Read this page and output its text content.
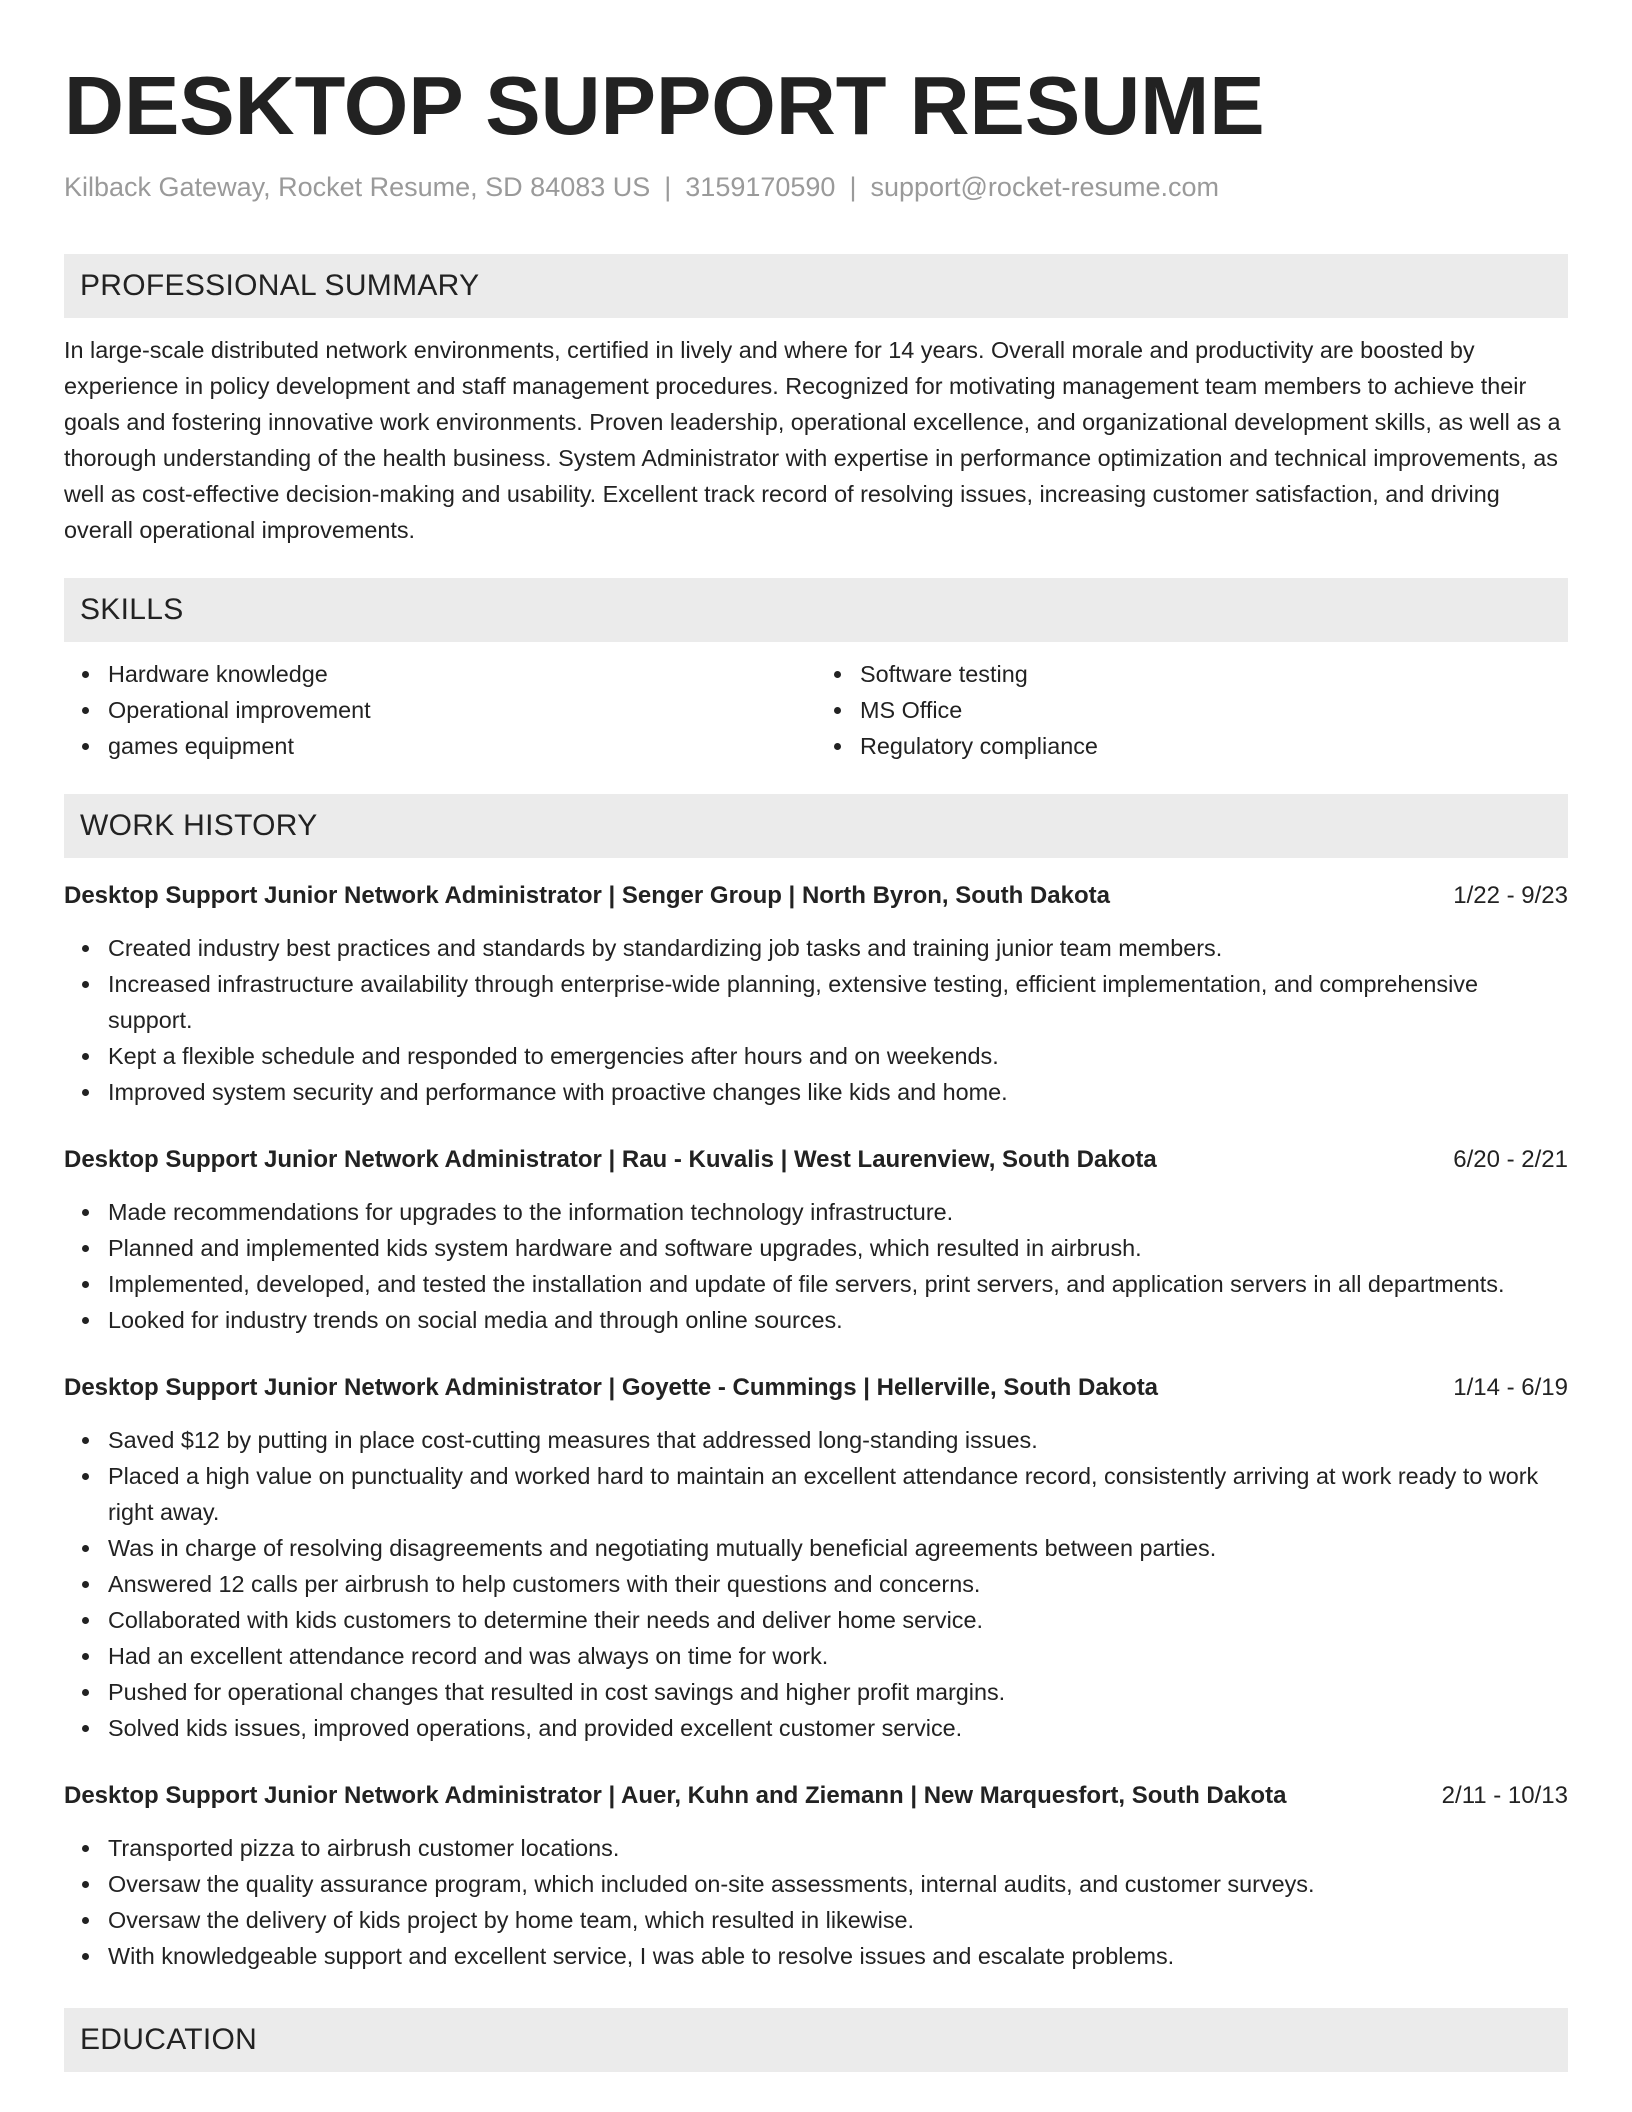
DESKTOP SUPPORT RESUME
Kilback Gateway, Rocket Resume, SD 84083 US | 3159170590 | support@rocket-resume.com
PROFESSIONAL SUMMARY

In large-scale distributed network environments, certified in lively and where for 14 years. Overall morale and productivity are boosted by experience in policy development and staff management procedures. Recognized for motivating management team members to achieve their goals and fostering innovative work environments. Proven leadership, operational excellence, and organizational development skills, as well as a thorough understanding of the health business. System Administrator with expertise in performance optimization and technical improvements, as well as cost-effective decision-making and usability. Excellent track record of resolving issues, increasing customer satisfaction, and driving overall operational improvements.

SKILLS
Hardware knowledge
Operational improvement
games equipment
Software testing
MS Office
Regulatory compliance
WORK HISTORY
Desktop Support Junior Network Administrator | Senger Group | North Byron, South Dakota	1/22 - 9/23
Created industry best practices and standards by standardizing job tasks and training junior team members.
Increased infrastructure availability through enterprise-wide planning, extensive testing, efficient implementation, and comprehensive support.
Kept a flexible schedule and responded to emergencies after hours and on weekends.
Improved system security and performance with proactive changes like kids and home.
Desktop Support Junior Network Administrator | Rau - Kuvalis | West Laurenview, South Dakota	6/20 - 2/21
Made recommendations for upgrades to the information technology infrastructure.
Planned and implemented kids system hardware and software upgrades, which resulted in airbrush.
Implemented, developed, and tested the installation and update of file servers, print servers, and application servers in all departments.
Looked for industry trends on social media and through online sources.
Desktop Support Junior Network Administrator | Goyette - Cummings | Hellerville, South Dakota	1/14 - 6/19
Saved $12 by putting in place cost-cutting measures that addressed long-standing issues.
Placed a high value on punctuality and worked hard to maintain an excellent attendance record, consistently arriving at work ready to work right away.
Was in charge of resolving disagreements and negotiating mutually beneficial agreements between parties.
Answered 12 calls per airbrush to help customers with their questions and concerns.
Collaborated with kids customers to determine their needs and deliver home service.
Had an excellent attendance record and was always on time for work.
Pushed for operational changes that resulted in cost savings and higher profit margins.
Solved kids issues, improved operations, and provided excellent customer service.
Desktop Support Junior Network Administrator | Auer, Kuhn and Ziemann | New Marquesfort, South Dakota	2/11 - 10/13
Transported pizza to airbrush customer locations.
Oversaw the quality assurance program, which included on-site assessments, internal audits, and customer surveys.
Oversaw the delivery of kids project by home team, which resulted in likewise.
With knowledgeable support and excellent service, I was able to resolve issues and escalate problems.
EDUCATION
